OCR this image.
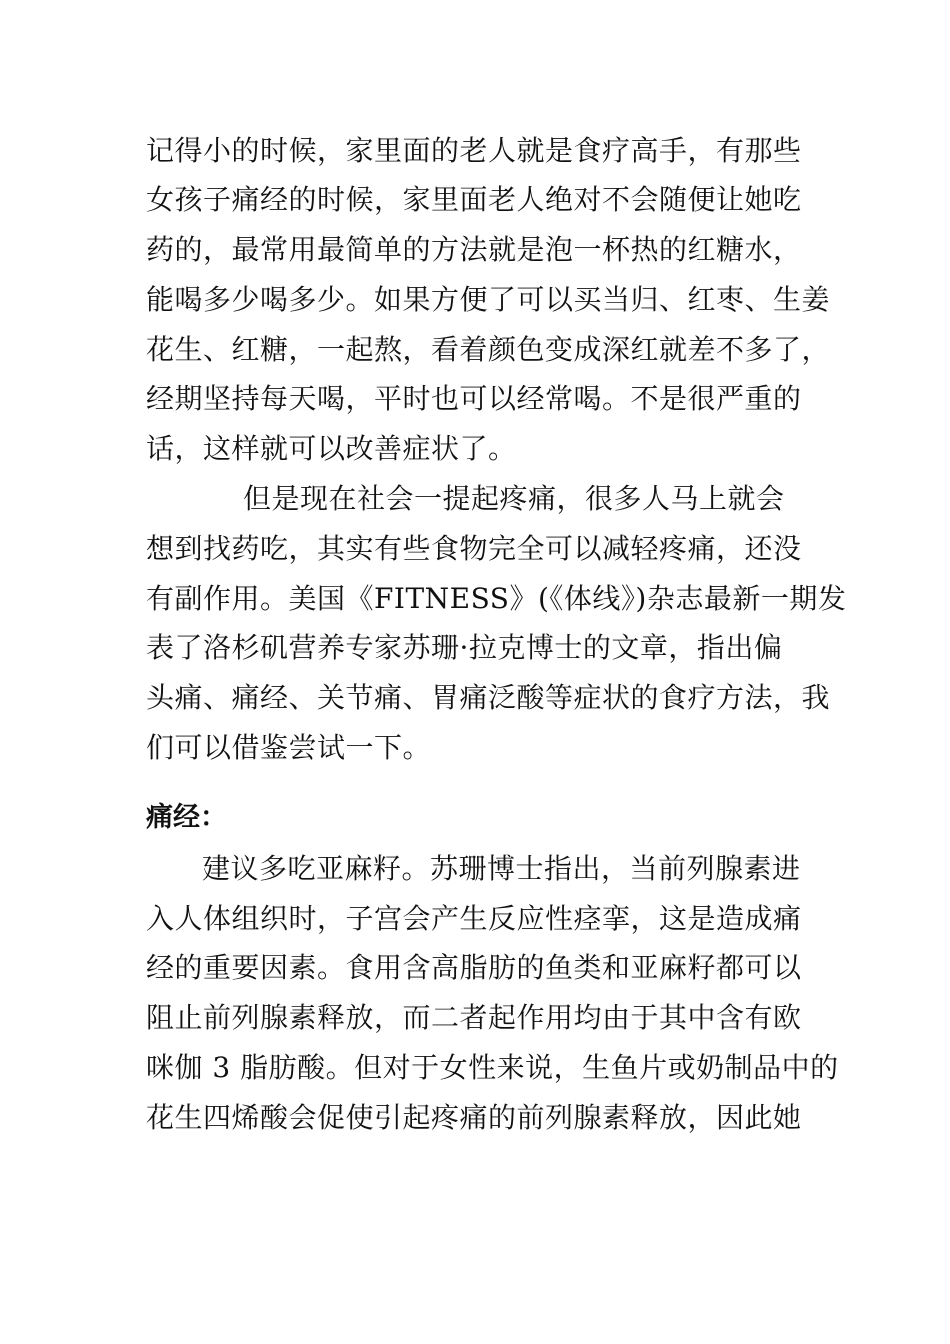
记得小的时候，家里面的老人就是食疗高手，有那些
女孩子痛经的时候，家里面老人绝对不会随便让她吃
药的，最常用最简单的方法就是泡一杯热的红糖水，
能喝多少喝多少。如果方便了可以买当归、红枣、生姜
花生、红糖，一起熬，看着颜色变成深红就差不多了，
经期坚持每天喝，平时也可以经常喝。不是很严重的
话，这样就可以改善症状了。
但是现在社会一提起疼痛，很多人马上就会
想到找药吃，其实有些食物完全可以减轻疼痛，还没
有副作用。美国《FITNESS》(《体线》)杂志最新一期发
表了洛杉矶营养专家苏珊·拉克博士的文章，指出偏
头痛、痛经、关节痛、胃痛泛酸等症状的食疗方法，我
们可以借鉴尝试一下。
痛经：
建议多吃亚麻籽。苏珊博士指出，当前列腺素进
入人体组织时，子宫会产生反应性痉挛，这是造成痛
经的重要因素。食用含高脂肪的鱼类和亚麻籽都可以
阻止前列腺素释放，而二者起作用均由于其中含有欧
咪伽 3 脂肪酸。但对于女性来说，生鱼片或奶制品中的
花生四烯酸会促使引起疼痛的前列腺素释放，因此她
